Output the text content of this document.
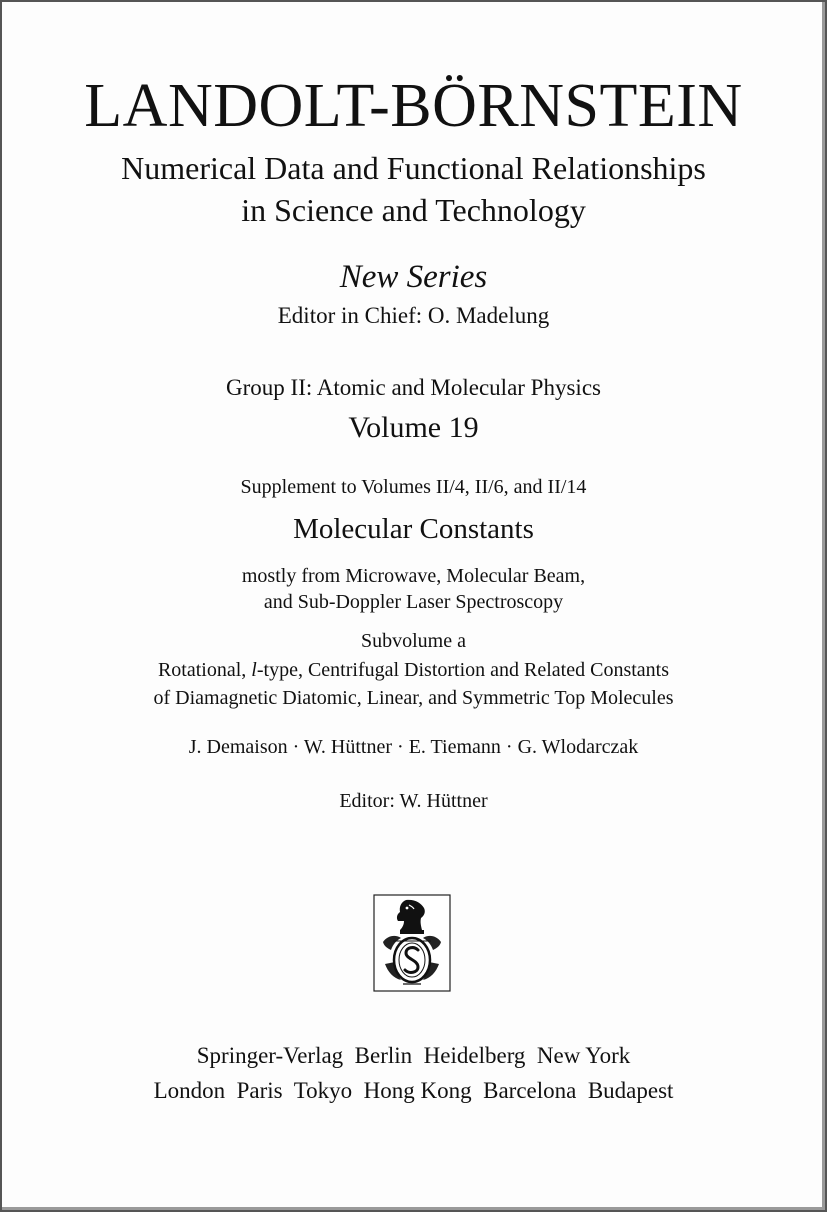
LANDOLT-BÖRNSTEIN

Numerical Data and Functional Relationships

in Science and Technology

New Series

Editor in Chief: O. Madelung

Group II: Atomic and Molecular Physics

Volume 19

Supplement to Volumes II/4, II/6, and II/14

Molecular Constants

mostly from Microwave, Molecular Beam,

and Sub-Doppler Laser Spectroscopy

Subvolume a

Rotational, l-type, Centrifugal Distortion and Related Constants

of Diamagnetic Diatomic, Linear, and Symmetric Top Molecules

J. Demaison · W. Hüttner · E. Tiemann · G. Wlodarczak

Editor: W. Hüttner

Springer-Verlag  Berlin  Heidelberg  New York

London  Paris  Tokyo  Hong Kong  Barcelona  Budapest
